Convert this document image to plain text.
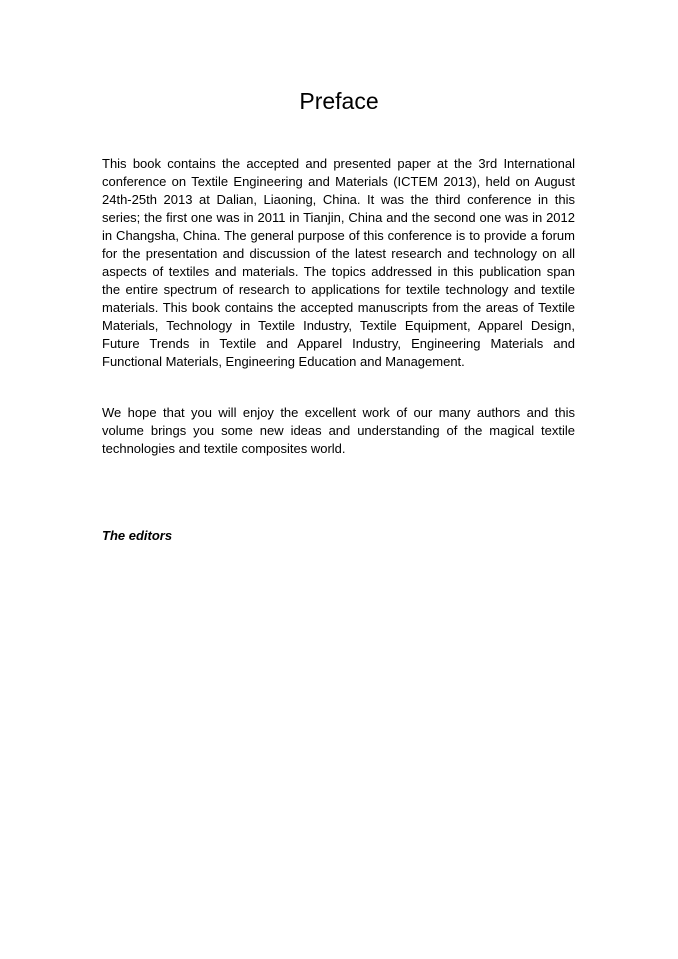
Preface

This book contains the accepted and presented paper at the 3rd International conference on Textile Engineering and Materials (ICTEM 2013), held on August 24th-25th 2013 at Dalian, Liaoning, China. It was the third conference in this series; the first one was in 2011 in Tianjin, China and the second one was in 2012 in Changsha, China. The general purpose of this conference is to provide a forum for the presentation and discussion of the latest research and technology on all aspects of textiles and materials. The topics addressed in this publication span the entire spectrum of research to applications for textile technology and textile materials. This book contains the accepted manuscripts from the areas of Textile Materials, Technology in Textile Industry, Textile Equipment, Apparel Design, Future Trends in Textile and Apparel Industry, Engineering Materials and Functional Materials, Engineering Education and Management.

We hope that you will enjoy the excellent work of our many authors and this volume brings you some new ideas and understanding of the magical textile technologies and textile composites world.

The editors
